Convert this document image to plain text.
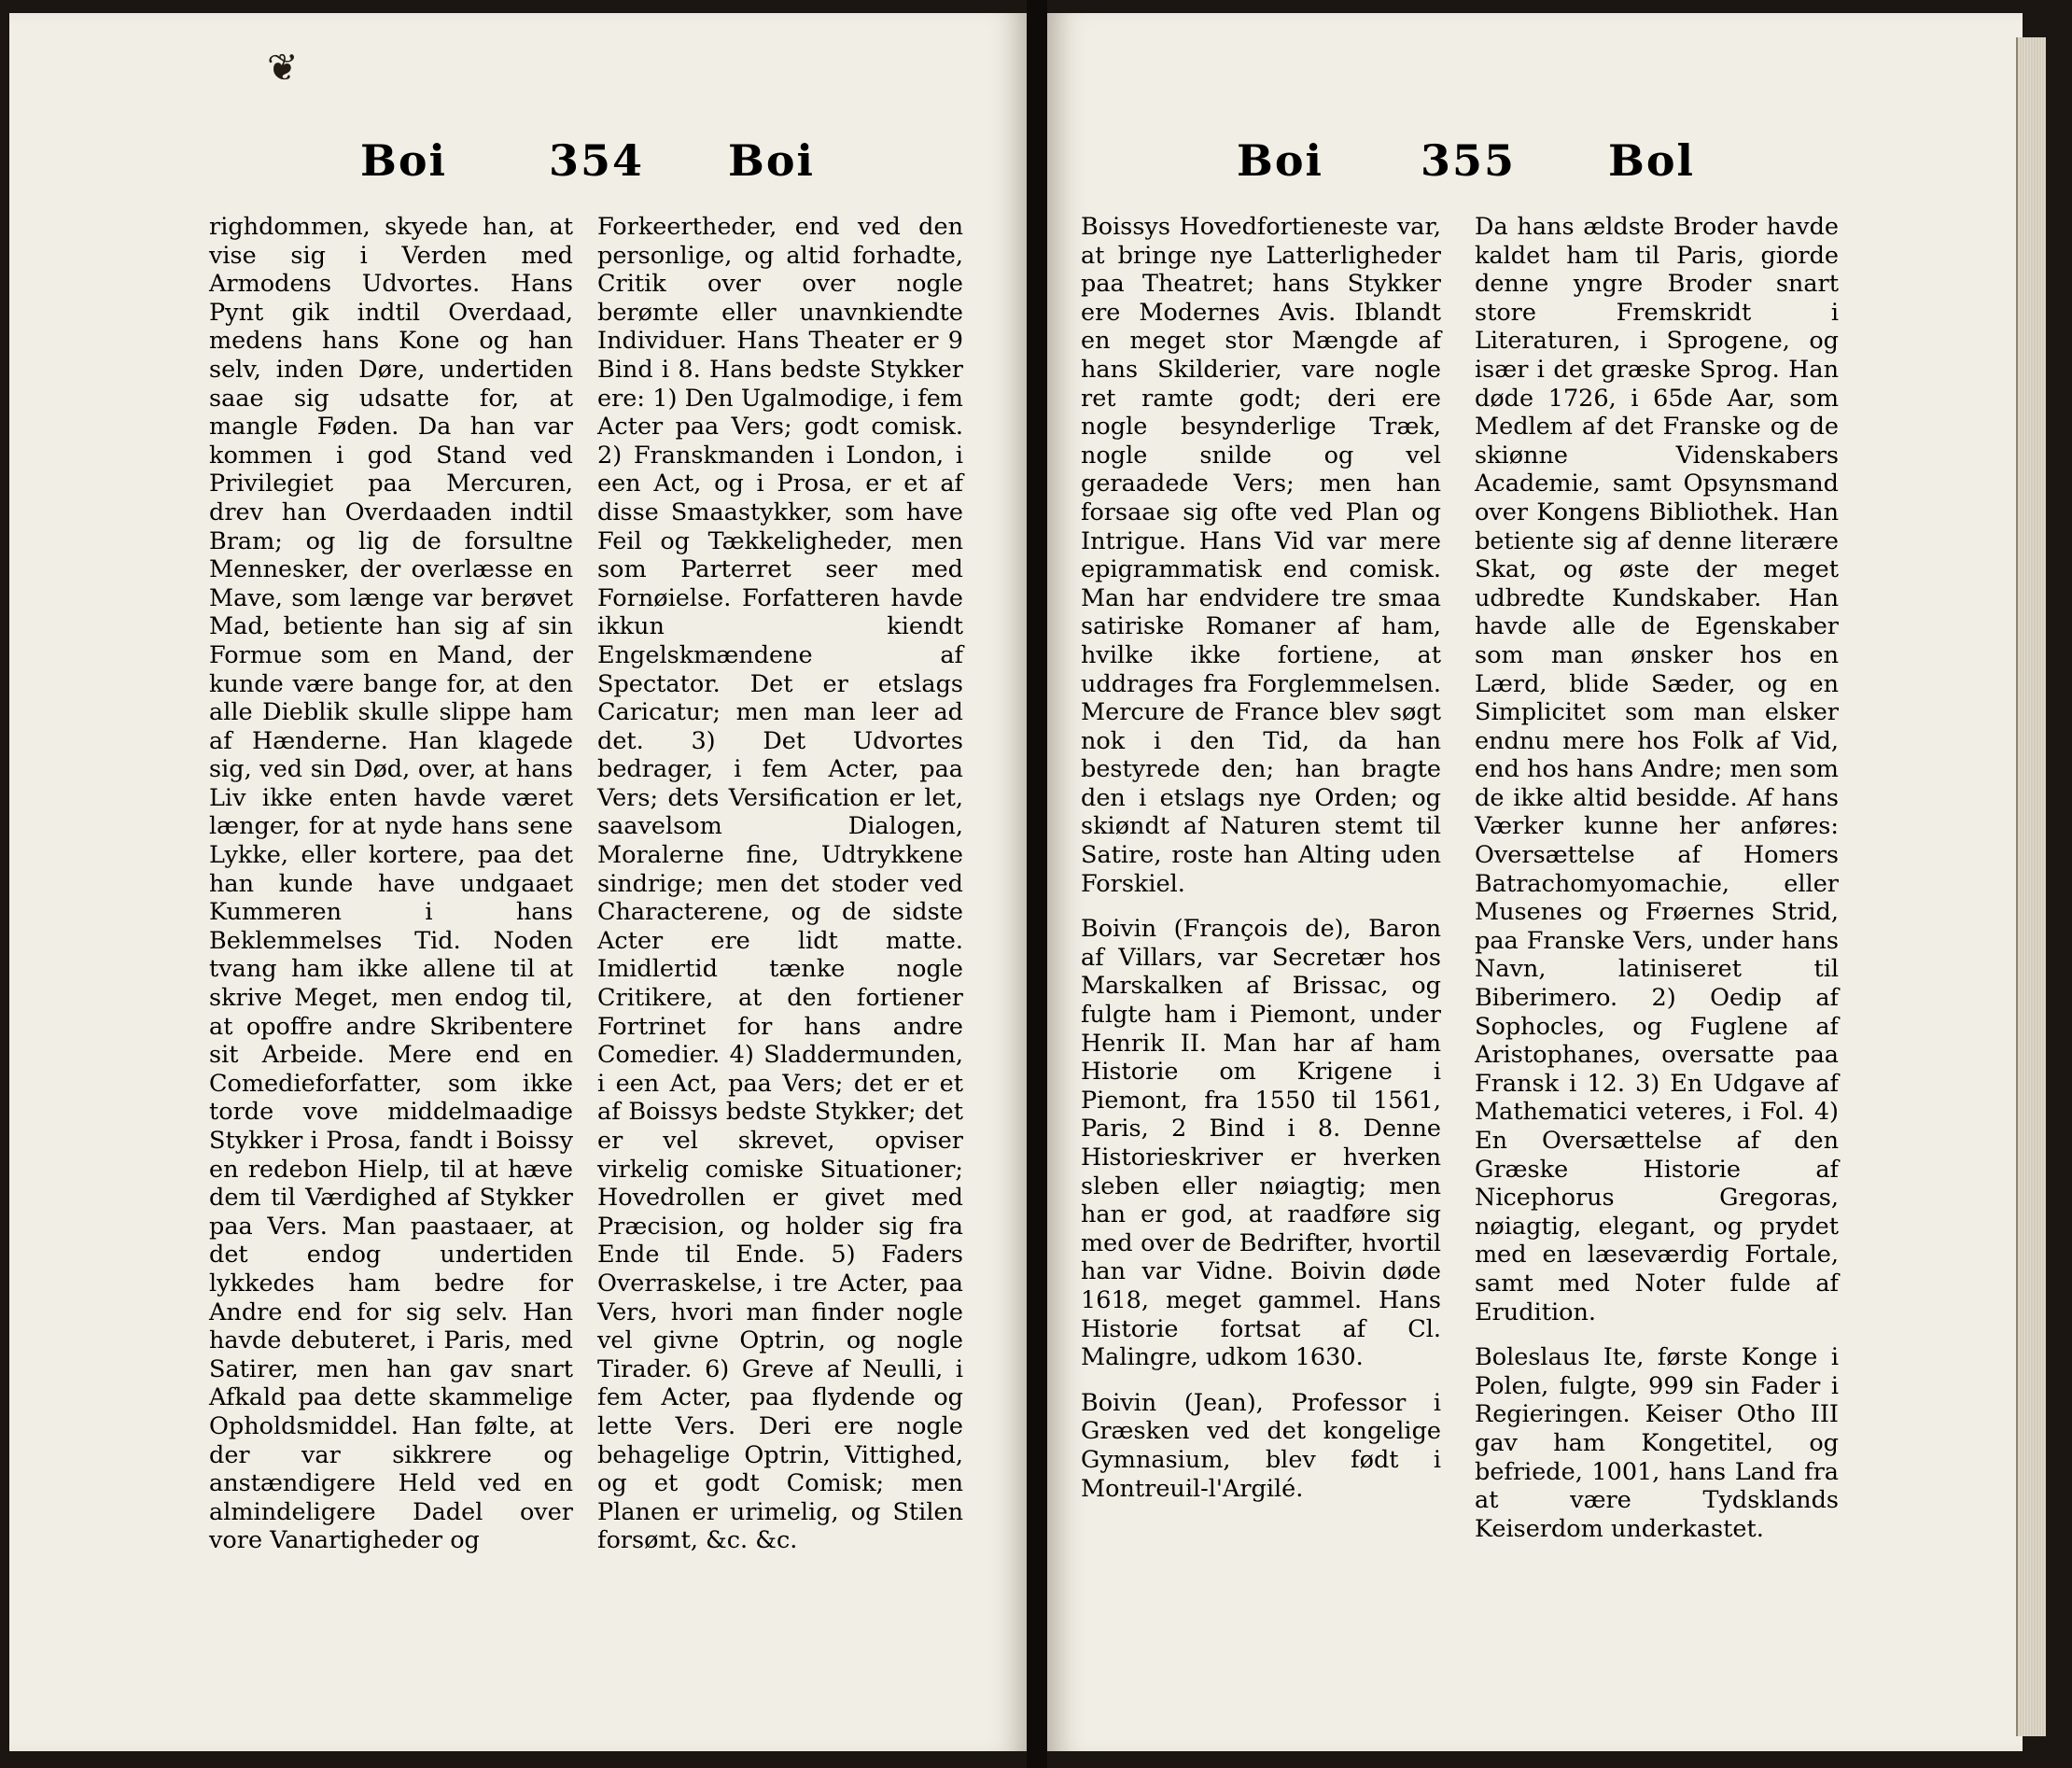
❦
Boi 354 Boi	Boi 355 Bol

righdommen, skyede han, at vise sig i Verden med Armodens Udvortes. Hans Pynt gik indtil Overdaad, medens hans Kone og han selv, inden Døre, undertiden saae sig udsatte for, at mangle Føden. Da han var kommen i god Stand ved Privilegiet paa Mercuren, drev han Overdaaden indtil Bram; og lig de forsultne Mennesker, der overlæsse en Mave, som længe var berøvet Mad, betiente han sig af sin Formue som en Mand, der kunde være bange for, at den alle Dieblik skulle slippe ham af Hænderne. Han klagede sig, ved sin Død, over, at hans Liv ikke enten havde været længer, for at nyde hans sene Lykke, eller kortere, paa det han kunde have undgaaet Kummeren i hans Beklemmelses Tid. Noden tvang ham ikke allene til at skrive Meget, men endog til, at opoffre andre Skribentere sit Arbeide. Mere end en Comedieforfatter, som ikke torde vove middelmaadige Stykker i Prosa, fandt i Boissy en redebon Hielp, til at hæve dem til Værdighed af Stykker paa Vers. Man paastaaer, at det endog undertiden lykkedes ham bedre for Andre end for sig selv. Han havde debuteret, i Paris, med Satirer, men han gav snart Afkald paa dette skammelige Opholdsmiddel. Han følte, at der var sikkrere og anstændigere Held ved en almindeligere Dadel over vore Vanartigheder og

Forkeertheder, end ved den personlige, og altid forhadte, Critik over over nogle berømte eller unavnkiendte Individuer. Hans Theater er 9 Bind i 8. Hans bedste Stykker ere: 1) Den Ugalmodige, i fem Acter paa Vers; godt comisk. 2) Franskmanden i London, i een Act, og i Prosa, er et af disse Smaastykker, som have Feil og Tækkeligheder, men som Parterret seer med Fornøielse. Forfatteren havde ikkun kiendt Engelskmændene af Spectator. Det er etslags Caricatur; men man leer ad det. 3) Det Udvortes bedrager, i fem Acter, paa Vers; dets Versification er let, saavelsom Dialogen, Moralerne fine, Udtrykkene sindrige; men det stoder ved Characterene, og de sidste Acter ere lidt matte. Imidlertid tænke nogle Critikere, at den fortiener Fortrinet for hans andre Comedier. 4) Sladdermunden, i een Act, paa Vers; det er et af Boissys bedste Stykker; det er vel skrevet, opviser virkelig comiske Situationer; Hovedrollen er givet med Præcision, og holder sig fra Ende til Ende. 5) Faders Overraskelse, i tre Acter, paa Vers, hvori man finder nogle vel givne Optrin, og nogle Tirader. 6) Greve af Neulli, i fem Acter, paa flydende og lette Vers. Deri ere nogle behagelige Optrin, Vittighed, og et godt Comisk; men Planen er urimelig, og Stilen forsømt, &c. &c.

Boissys Hovedfortieneste var, at bringe nye Latterligheder paa Theatret; hans Stykker ere Modernes Avis. Iblandt en meget stor Mængde af hans Skilderier, vare nogle ret ramte godt; deri ere nogle besynderlige Træk, nogle snilde og vel geraadede Vers; men han forsaae sig ofte ved Plan og Intrigue. Hans Vid var mere epigrammatisk end comisk. Man har endvidere tre smaa satiriske Romaner af ham, hvilke ikke fortiene, at uddrages fra Forglemmelsen. Mercure de France blev søgt nok i den Tid, da han bestyrede den; han bragte den i etslags nye Orden; og skiøndt af Naturen stemt til Satire, roste han Alting uden Forskiel.

Boivin (François de), Baron af Villars, var Secretær hos Marskalken af Brissac, og fulgte ham i Piemont, under Henrik II. Man har af ham Historie om Krigene i Piemont, fra 1550 til 1561, Paris, 2 Bind i 8. Denne Historieskriver er hverken sleben eller nøiagtig; men han er god, at raadføre sig med over de Bedrifter, hvortil han var Vidne. Boivin døde 1618, meget gammel. Hans Historie fortsat af Cl. Malingre, udkom 1630.

Boivin (Jean), Professor i Græsken ved det kongelige Gymnasium, blev født i Montreuil-l'Argilé.

Da hans ældste Broder havde kaldet ham til Paris, giorde denne yngre Broder snart store Fremskridt i Literaturen, i Sprogene, og især i det græske Sprog. Han døde 1726, i 65de Aar, som Medlem af det Franske og de skiønne Videnskabers Academie, samt Opsynsmand over Kongens Bibliothek. Han betiente sig af denne literære Skat, og øste der meget udbredte Kundskaber. Han havde alle de Egenskaber som man ønsker hos en Lærd, blide Sæder, og en Simplicitet som man elsker endnu mere hos Folk af Vid, end hos hans Andre; men som de ikke altid besidde. Af hans Værker kunne her anføres: Oversættelse af Homers Batrachomyomachie, eller Musenes og Frøernes Strid, paa Franske Vers, under hans Navn, latiniseret til Biberimero. 2) Oedip af Sophocles, og Fuglene af Aristophanes, oversatte paa Fransk i 12. 3) En Udgave af Mathematici veteres, i Fol. 4) En Oversættelse af den Græske Historie af Nicephorus Gregoras, nøiagtig, elegant, og prydet med en læseværdig Fortale, samt med Noter fulde af Erudition.

Boleslaus Ite, første Konge i Polen, fulgte, 999 sin Fader i Regieringen. Keiser Otho III gav ham Kongetitel, og befriede, 1001, hans Land fra at være Tydsklands Keiserdom underkastet.
